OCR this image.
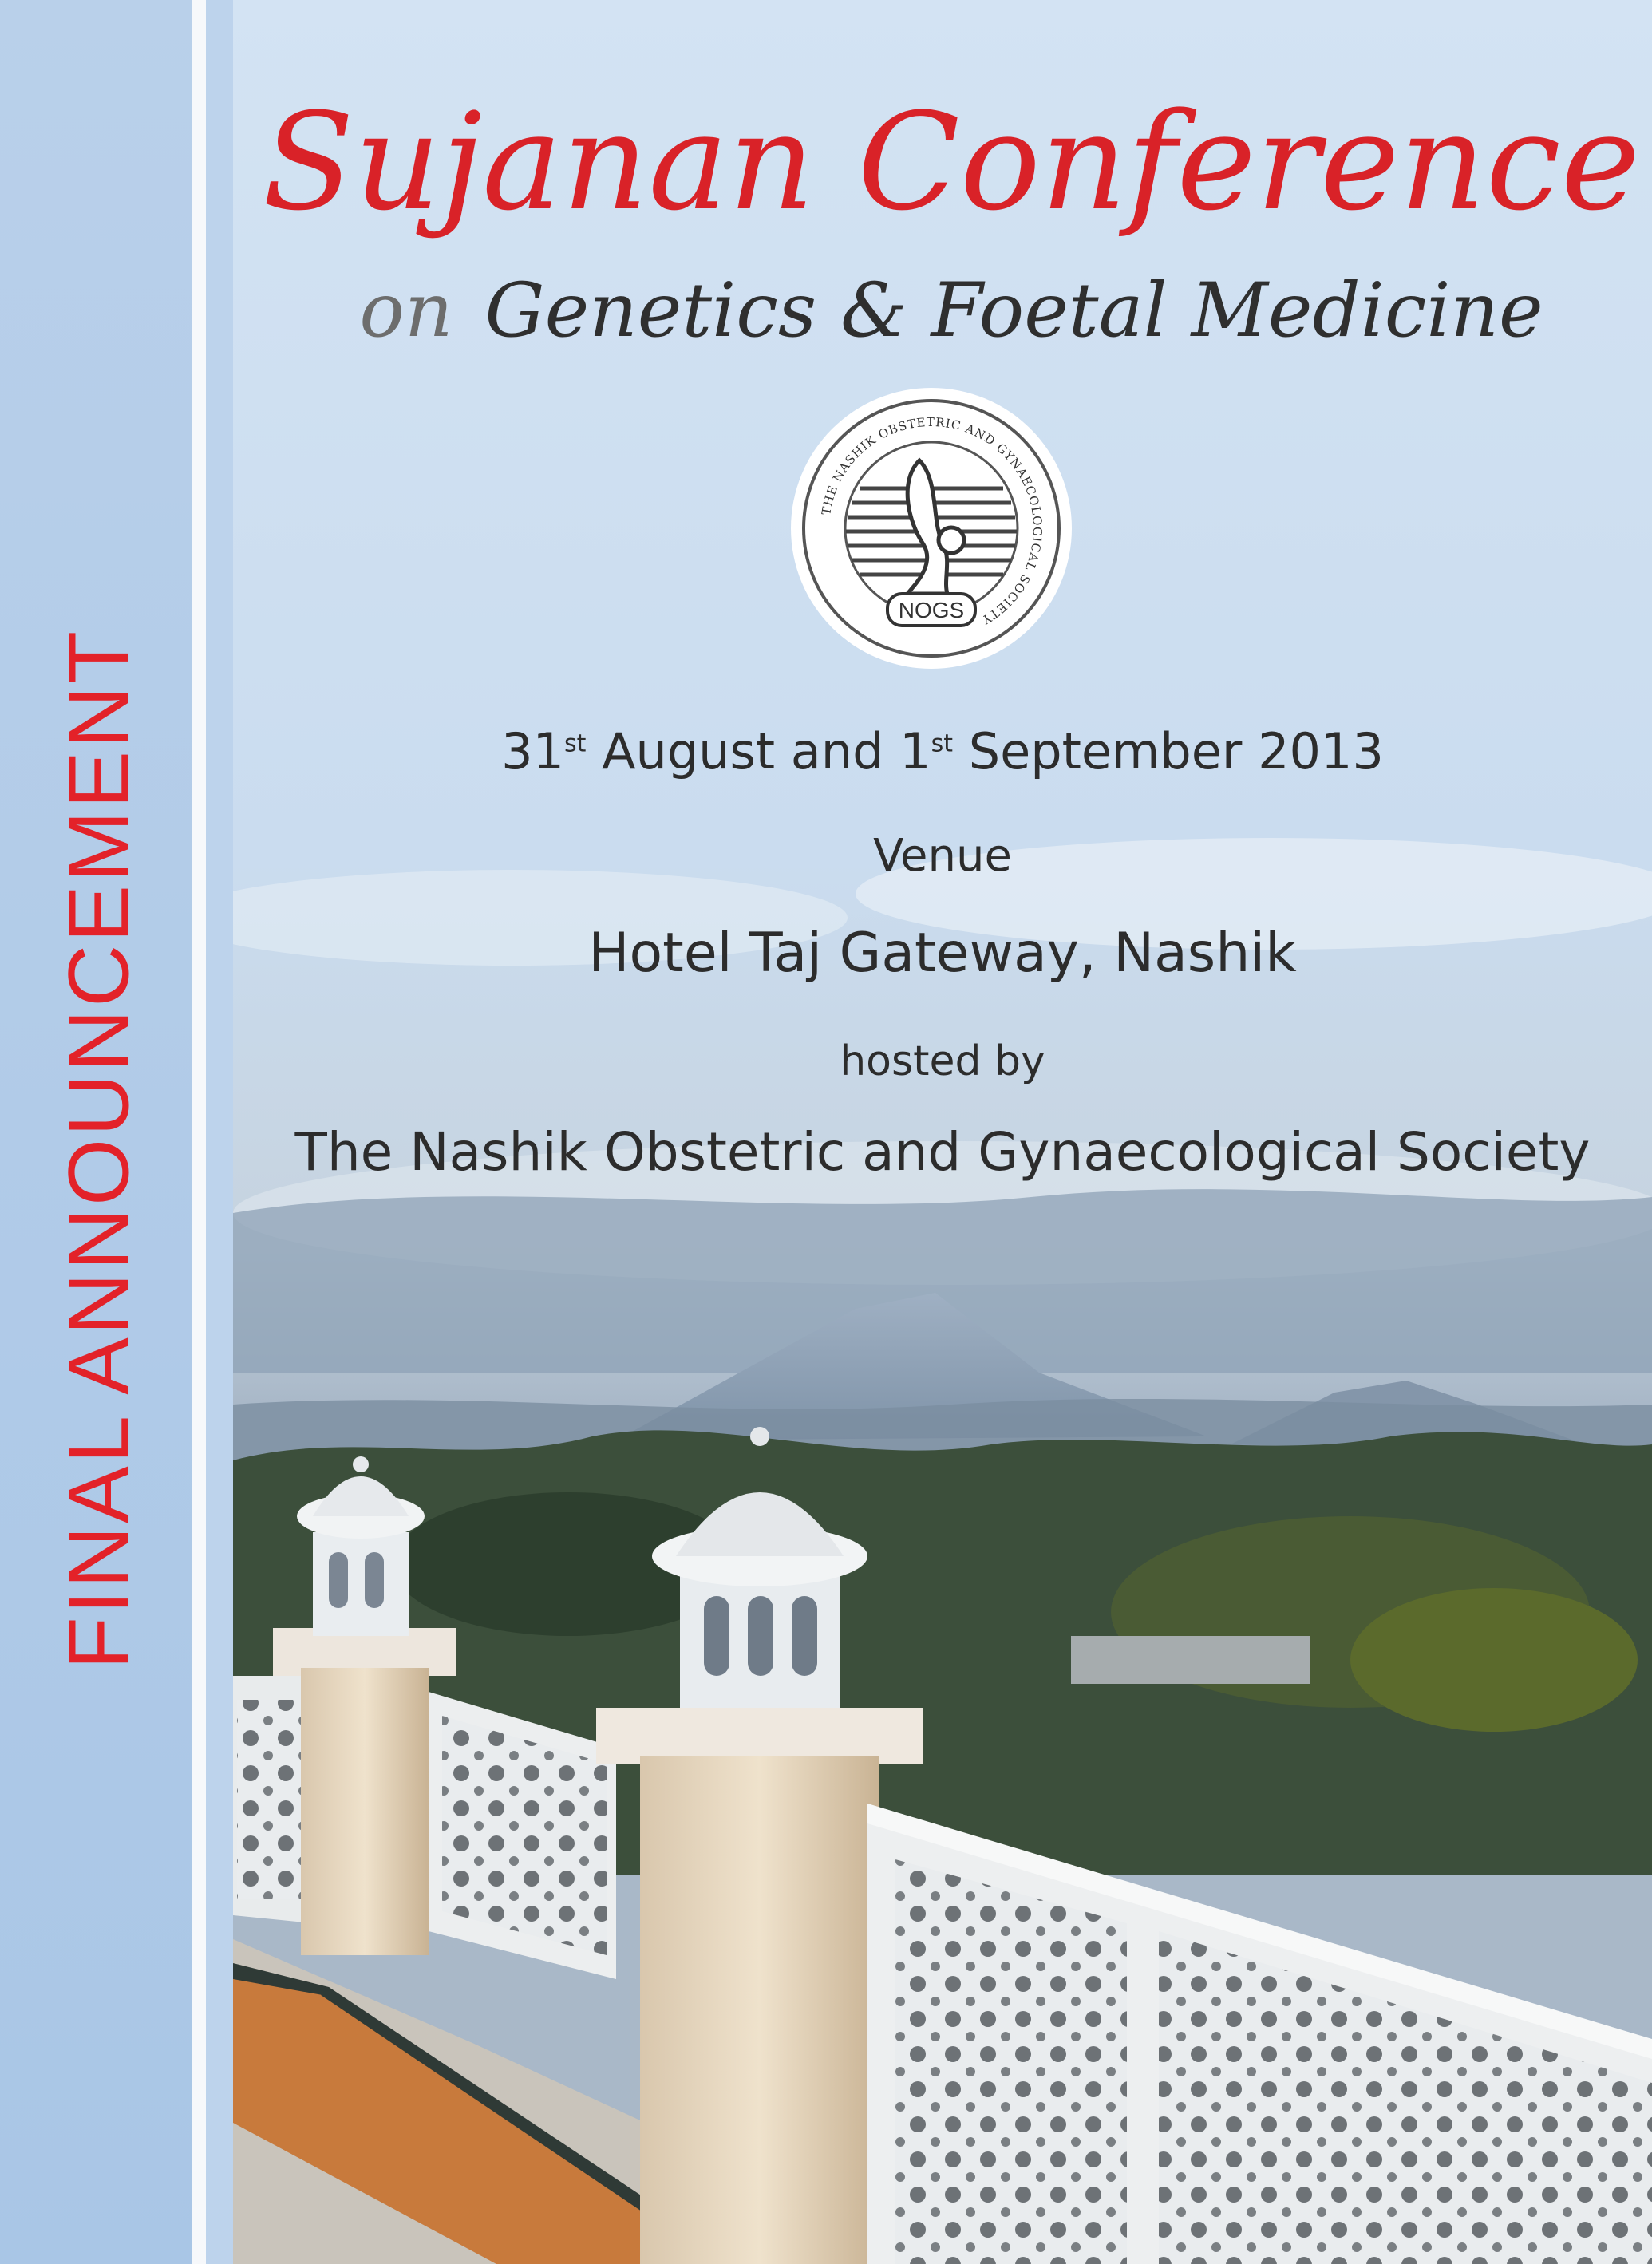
FINAL ANNOUNCEMENT
Sujanan Conference
on Genetics & Foetal Medicine
THE NASHIK OBSTETRIC AND GYNAECOLOGICAL SOCIETY
NOGS
31st August and 1st September 2013
Venue
Hotel Taj Gateway, Nashik
hosted by
The Nashik Obstetric and Gynaecological Society
